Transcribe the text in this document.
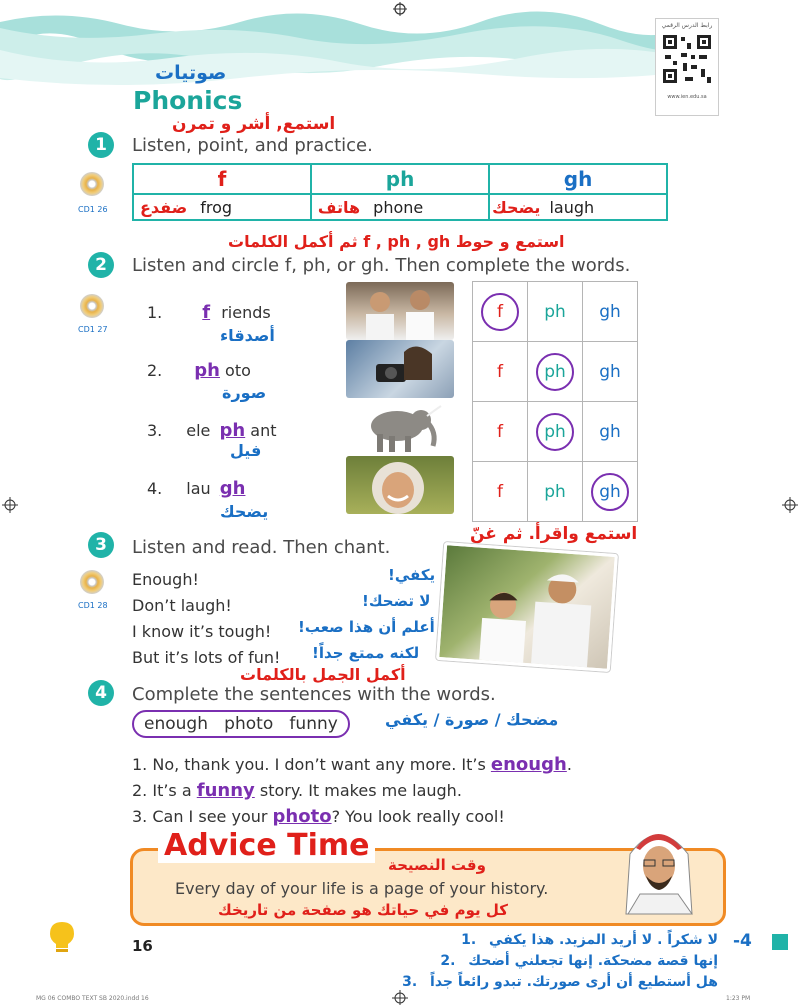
رابط الدرس الرقمي
www.ien.edu.sa
صوتيات
Phonics
استمع, أشر و تمرن
1	Listen, point, and practice.
CD1 26
f	ph	gh
ضفدع frog	هاتف phone	يضحك laugh
استمع و حوط f , ph , gh ثم أكمل الكلمات
2	Listen and circle f, ph, or gh. Then complete the words.
CD1 27
1. f riends
أصدقاء
2. ph oto
صورة
3. ele ph ant
فيل
4. lau gh
يضحك
f	ph	gh
f	ph	gh
f	ph	gh
f	ph	gh
استمع واقرأ. ثم غنّ
3	Listen and read. Then chant.
CD1 28
Enough!
Don’t laugh!
I know it’s tough!
But it’s lots of fun!
يكفي!
لا تضحك!
أعلم أن هذا صعب!
لكنه ممتع جداً!
أكمل الجمل بالكلمات
4	Complete the sentences with the words.
enough   photo   funny	مضحك / صورة / يكفي
1. No, thank you. I don’t want any more. It’s enough.
2. It’s a funny story. It makes me laugh.
3. Can I see your photo? You look really cool!
Advice Time
وقت النصيحة
Every day of your life is a page of your history.
كل يوم في حياتك هو صفحة من تاريخك
16	لا شكراً . لا أريد المزيد. هذا يكفي .1
إنها قصة مضحكة. إنها تجعلني أضحك .2
هل أستطيع أن أرى صورتك. تبدو رائعاً جداً .3
-4
MG 06 COMBO TEXT SB 2020.indd 16	1:23 PM
